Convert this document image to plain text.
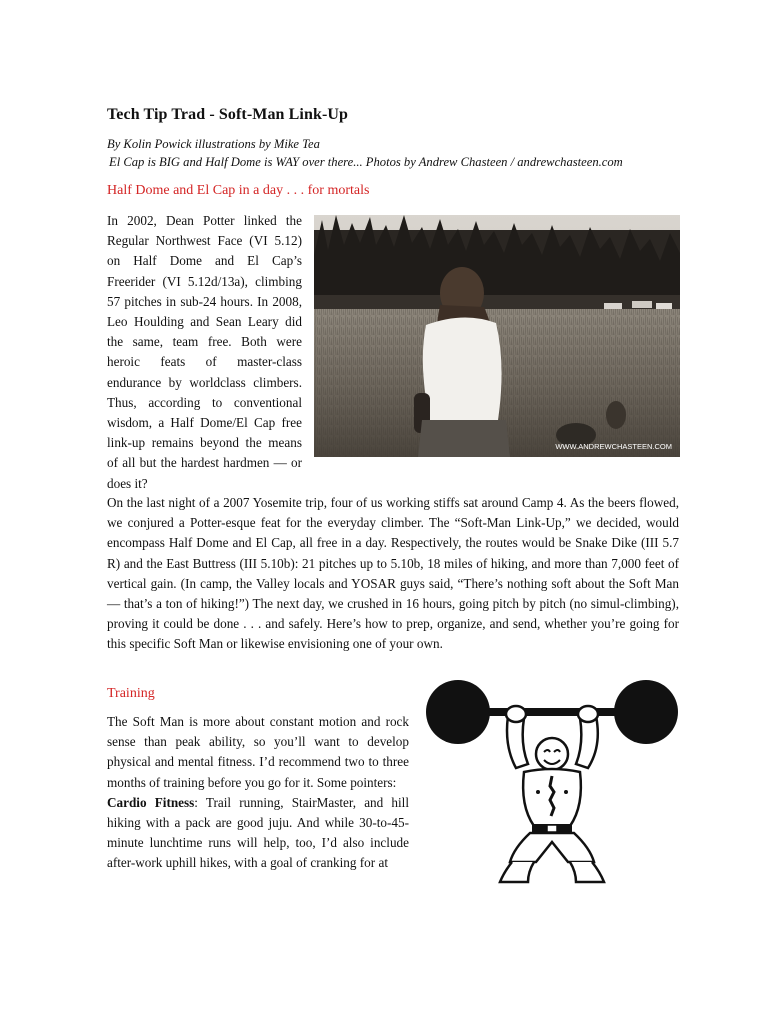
Tech Tip Trad - Soft-Man Link-Up
By Kolin Powick illustrations by Mike Tea
El Cap is BIG and Half Dome is WAY over there... Photos by Andrew Chasteen / andrewchasteen.com
Half Dome and El Cap in a day . . . for mortals
In 2002, Dean Potter linked the Regular Northwest Face (VI 5.12) on Half Dome and El Cap’s Freerider (VI 5.12d/13a), climbing 57 pitches in sub-24 hours. In 2008, Leo Houlding and Sean Leary did the same, team free. Both were heroic feats of master-class endurance by worldclass climbers. Thus, according to conventional wisdom, a Half Dome/El Cap free link-up remains beyond the means of all but the hardest hardmen — or does it?
WWW.ANDREWCHASTEEN.COM
On the last night of a 2007 Yosemite trip, four of us working stiffs sat around Camp 4. As the beers flowed, we conjured a Potter-esque feat for the everyday climber. The “Soft-Man Link-Up,” we decided, would encompass Half Dome and El Cap, all free in a day. Respectively, the routes would be Snake Dike (III 5.7 R) and the East Buttress (III 5.10b): 21 pitches up to 5.10b, 18 miles of hiking, and more than 7,000 feet of vertical gain. (In camp, the Valley locals and YOSAR guys said, “There’s nothing soft about the Soft Man — that’s a ton of hiking!”) The next day, we crushed in 16 hours, going pitch by pitch (no simul-climbing), proving it could be done . . . and safely. Here’s how to prep, organize, and send, whether you’re going for this specific Soft Man or likewise envisioning one of your own.
Training

The Soft Man is more about constant motion and rock sense than peak ability, so you’ll want to develop physical and mental fitness. I’d recommend two to three months of training before you go for it. Some pointers:

Cardio Fitness: Trail running, StairMaster, and hill hiking with a pack are good juju. And while 30-to-45-minute lunchtime runs will help, too, I’d also include after-work uphill hikes, with a goal of cranking for at
